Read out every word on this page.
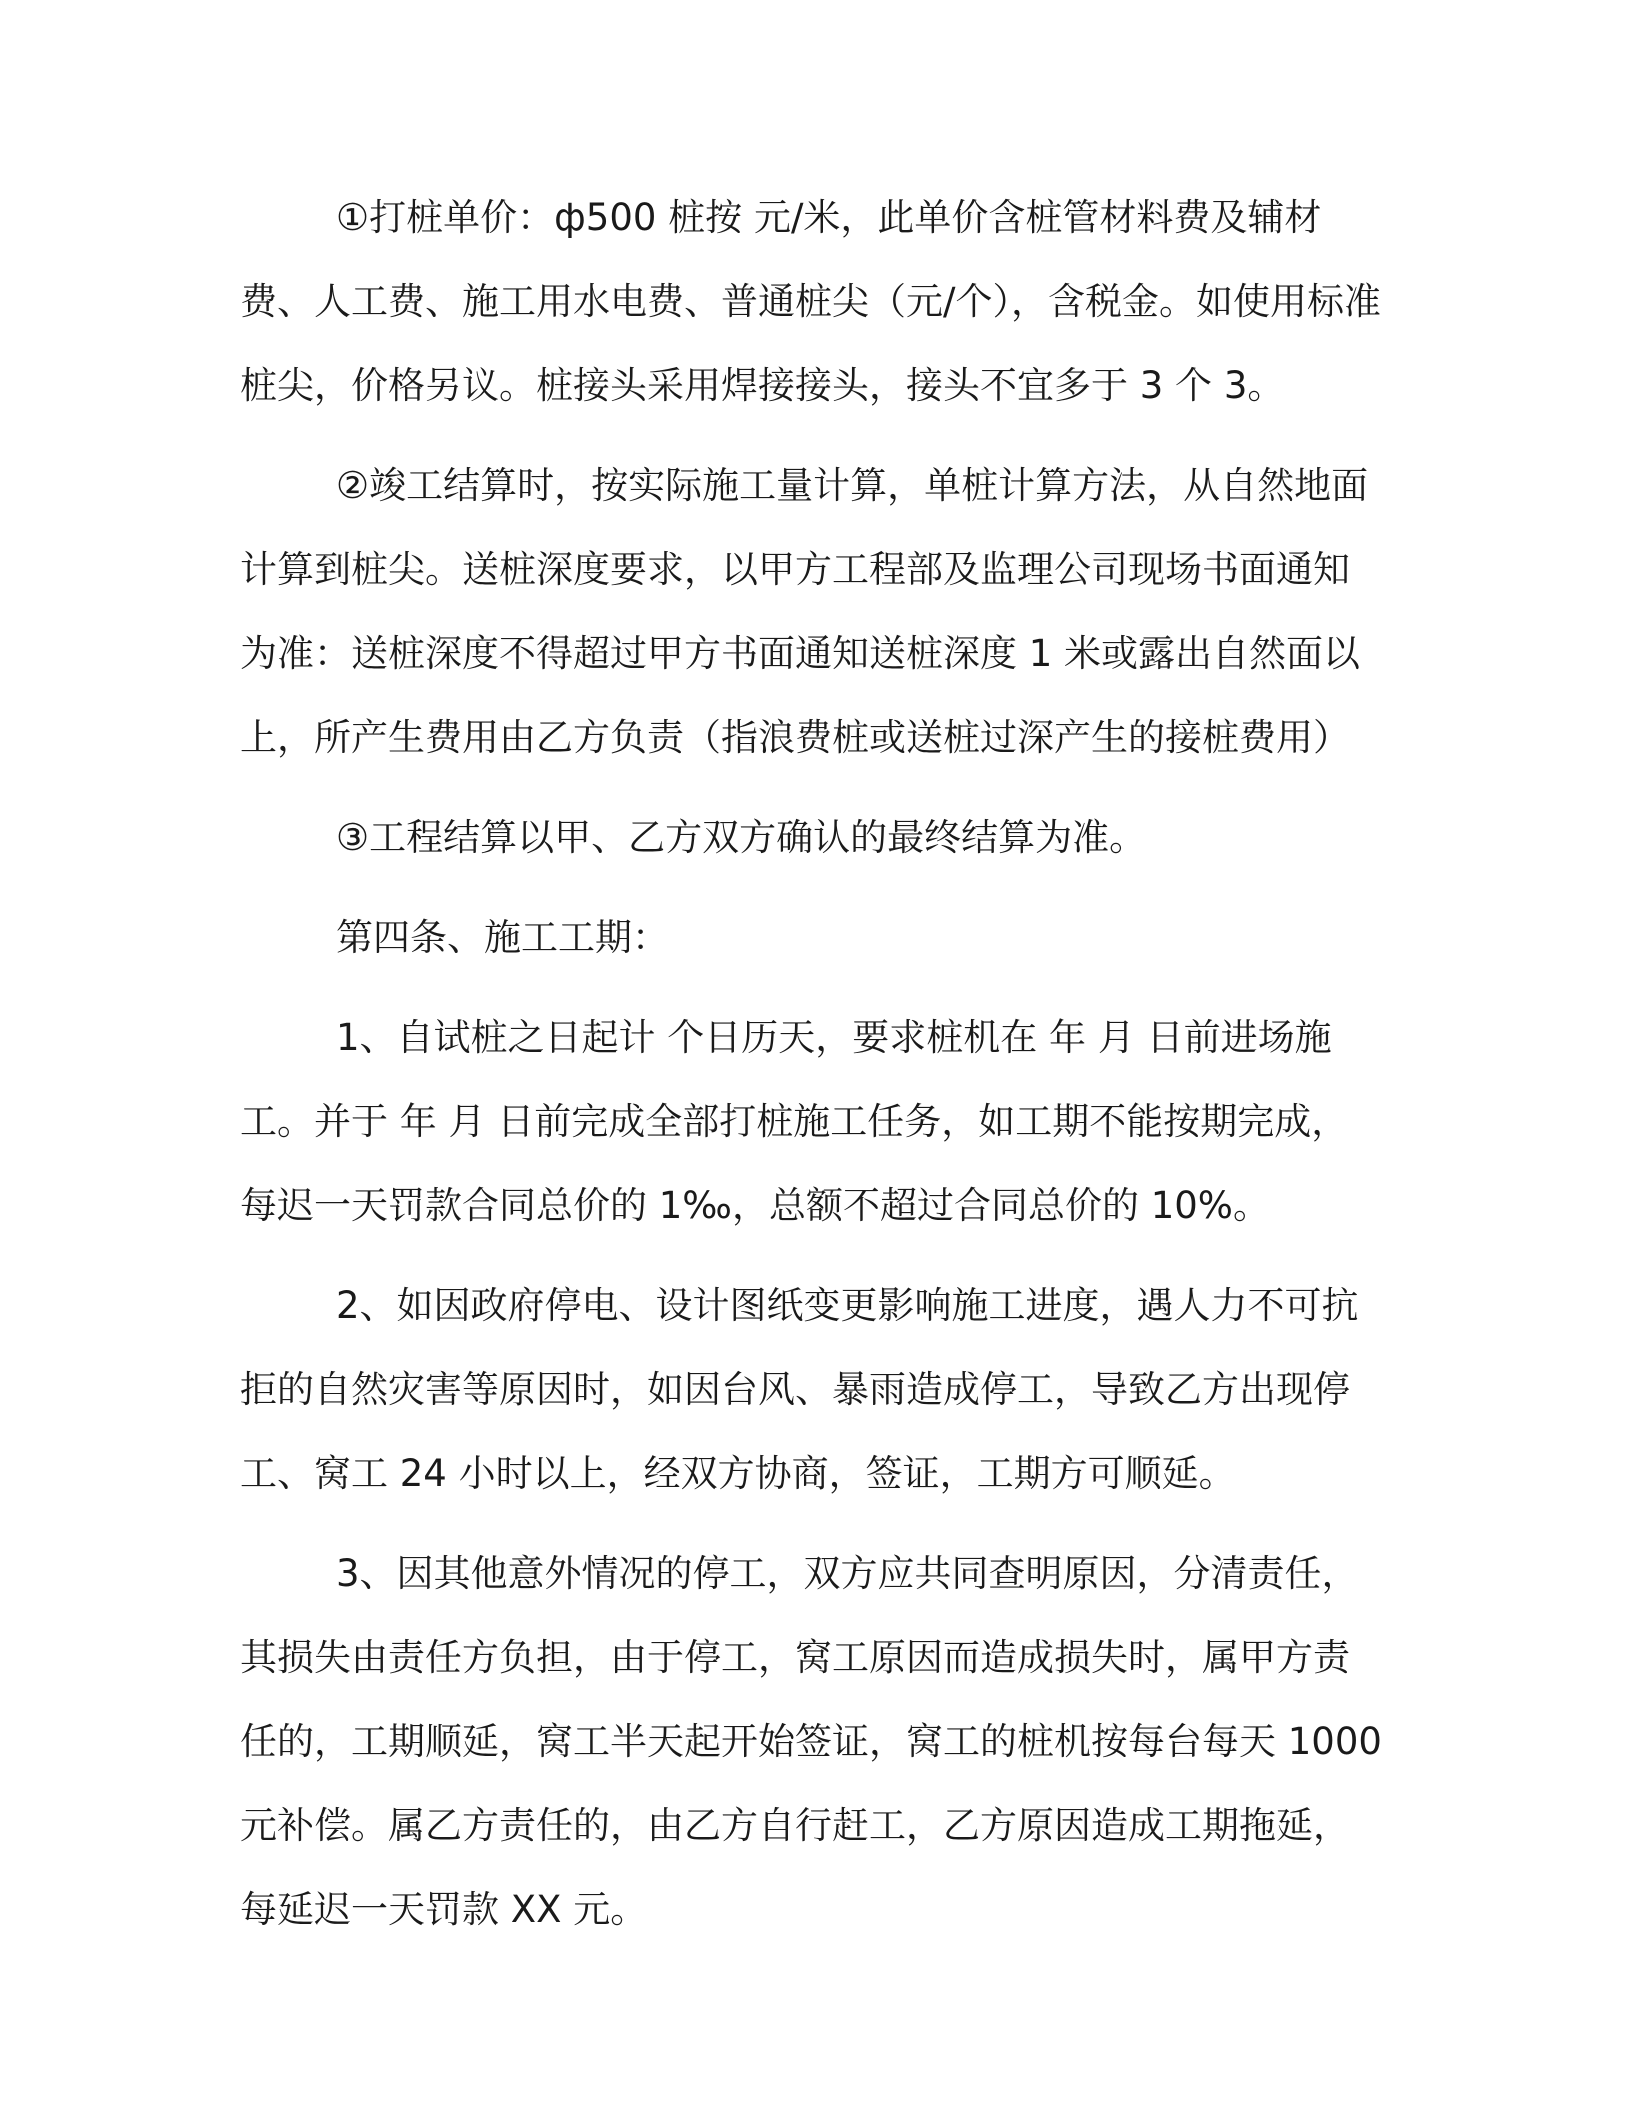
①打桩单价：ф500 桩按 元/米，此单价含桩管材料费及辅材费、人工费、施工用水电费、普通桩尖（元/个），含税金。如使用标准桩尖，价格另议。桩接头采用焊接接头，接头不宜多于 3 个 3。

②竣工结算时，按实际施工量计算，单桩计算方法，从自然地面计算到桩尖。送桩深度要求，以甲方工程部及监理公司现场书面通知为准：送桩深度不得超过甲方书面通知送桩深度 1 米或露出自然面以上，所产生费用由乙方负责（指浪费桩或送桩过深产生的接桩费用）

③工程结算以甲、乙方双方确认的最终结算为准。

第四条、施工工期：

1、自试桩之日起计 个日历天，要求桩机在 年 月 日前进场施工。并于 年 月 日前完成全部打桩施工任务，如工期不能按期完成，每迟一天罚款合同总价的 1‰，总额不超过合同总价的 10%。

2、如因政府停电、设计图纸变更影响施工进度，遇人力不可抗拒的自然灾害等原因时，如因台风、暴雨造成停工，导致乙方出现停工、窝工 24 小时以上，经双方协商，签证，工期方可顺延。

3、因其他意外情况的停工，双方应共同查明原因，分清责任，其损失由责任方负担，由于停工，窝工原因而造成损失时，属甲方责任的，工期顺延，窝工半天起开始签证，窝工的桩机按每台每天 1000 元补偿。属乙方责任的，由乙方自行赶工，乙方原因造成工期拖延，每延迟一天罚款 XX 元。
